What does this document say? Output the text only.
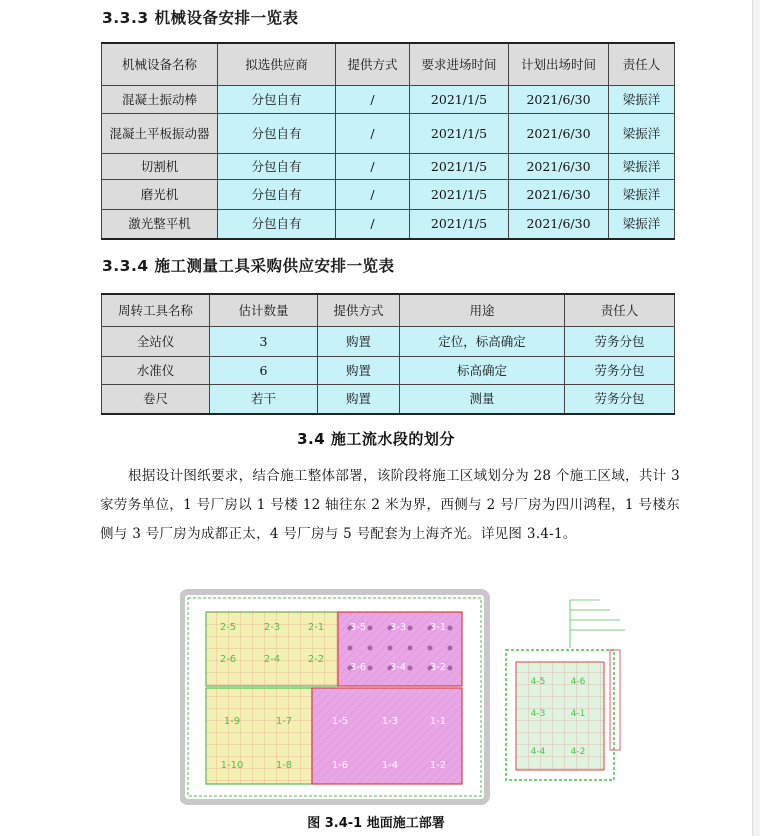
3.3.3 机械设备安排一览表
机械设备名称	拟选供应商	提供方式	要求进场时间	计划出场时间	责任人
混凝土振动棒	分包自有	/	2021/1/5	2021/6/30	梁振洋
混凝土平板振动器	分包自有	/	2021/1/5	2021/6/30	梁振洋
切割机	分包自有	/	2021/1/5	2021/6/30	梁振洋
磨光机	分包自有	/	2021/1/5	2021/6/30	梁振洋
激光整平机	分包自有	/	2021/1/5	2021/6/30	梁振洋
3.3.4 施工测量工具采购供应安排一览表
周转工具名称	估计数量	提供方式	用途	责任人
全站仪	3	购置	定位，标高确定	劳务分包
水准仪	6	购置	标高确定	劳务分包
卷尺	若干	购置	测量	劳务分包
3.4 施工流水段的划分
根据设计图纸要求，结合施工整体部署，该阶段将施工区域划分为 28 个施工区域，共计 3 家劳务单位，1 号厂房以 1 号楼 12 轴往东 2 米为界，西侧与 2 号厂房为四川鸿程，1 号楼东侧与 3 号厂房为成都正太，4 号厂房与 5 号配套为上海齐光。详见图 3.4-1。
2-5	2-3	2-1
2-6	2-4	2-2
1-9	1-7
1-10	1-8
3-5 3-3 3-1
3-6 3-4 3-2
1-5	1-3	1-1
1-6	1-4	1-2
4-5	4-6
4-3	4-1
4-4	4-2
图 3.4-1 地面施工部署
